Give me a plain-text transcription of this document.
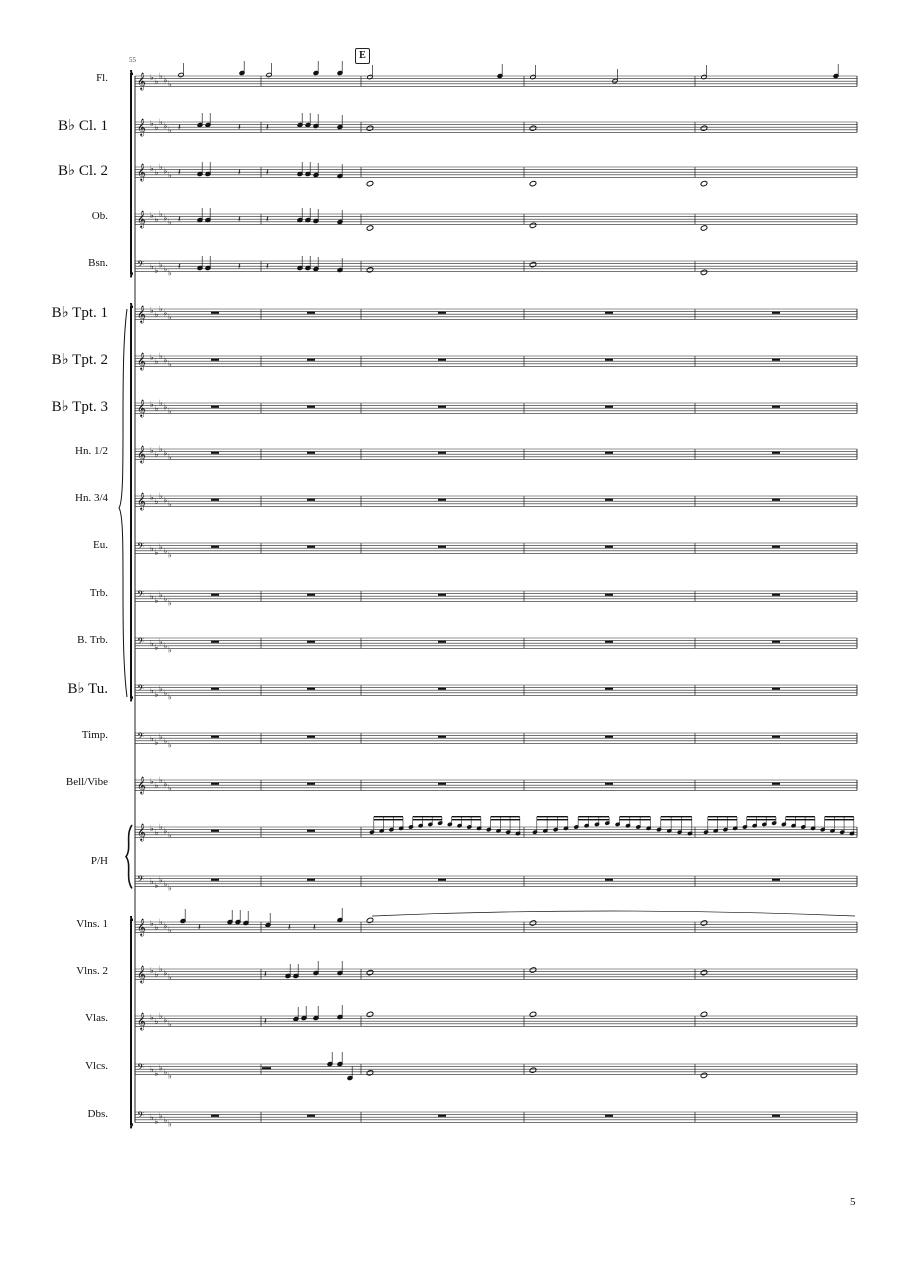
𝄞 ♭ ♭
♭ ♭ ♭
𝄞 ♭ ♭
♭ ♭ ♭
𝄞 ♭ ♭
♭ ♭ ♭
𝄞 ♭ ♭
♭ ♭ ♭
𝄢 ♭ ♭
♭ ♭ ♭
𝄞 ♭ ♭
♭ ♭ ♭
𝄞 ♭ ♭
♭ ♭ ♭
𝄞 ♭ ♭
♭ ♭ ♭
𝄞 ♭ ♭
♭ ♭ ♭
𝄞 ♭ ♭
♭ ♭ ♭
𝄢 ♭ ♭
♭ ♭ ♭
𝄢 ♭ ♭
♭ ♭ ♭
𝄢 ♭ ♭
♭ ♭ ♭
𝄢 ♭ ♭
♭ ♭ ♭
𝄢 ♭ ♭
♭ ♭ ♭
𝄞 ♭ ♭
♭ ♭ ♭
𝄞 ♭ ♭
♭ ♭ ♭
𝄢 ♭ ♭
♭ ♭ ♭
𝄞 ♭ ♭
♭ ♭ ♭
𝄞 ♭ ♭
♭ ♭ ♭
𝄞 ♭ ♭
♭ ♭ ♭
𝄢 ♭ ♭
♭ ♭ ♭
𝄢 ♭ ♭
♭ ♭ ♭
𝄽	𝄽	𝄽
𝄽	𝄽	𝄽
𝄽	𝄽	𝄽
𝄽	𝄽	𝄽
𝄽	𝄽 𝄽
𝄽
𝄽
Fl.
B♭ Cl. 1
B♭ Cl. 2
Ob.
Bsn.
B♭ Tpt. 1
B♭ Tpt. 2
B♭ Tpt. 3
Hn. 1/2
Hn. 3/4
Eu.
Trb.
B. Trb.
B♭ Tu.
Timp.
Bell/Vibe
P/H
Vlns. 1
Vlns. 2
Vlas.
Vlcs.
Dbs.
E
55
5
